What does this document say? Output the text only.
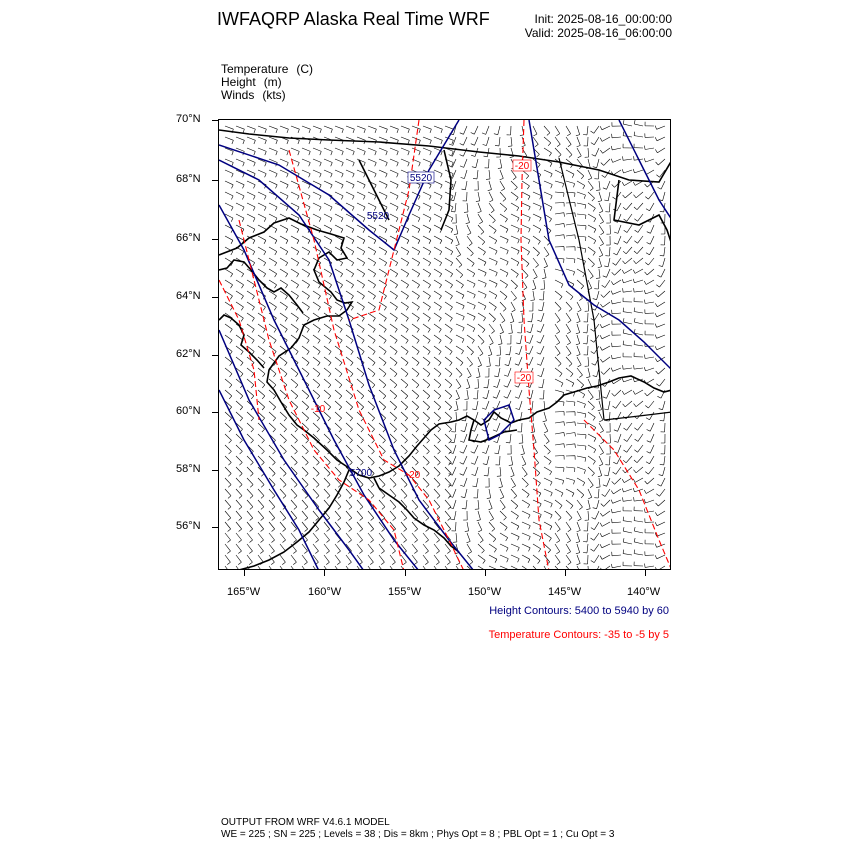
IWFAQRP Alaska Real Time WRF	Init: 2025-08-16_00:00:00
Valid: 2025-08-16_06:00:00
Temperature (C)
Height (m)
Winds (kts)
5520
5520
5700
-20
-20
-20
-10
70°N
68°N
66°N
64°N
62°N
60°N
58°N
56°N
165°W	160°W	155°W	150°W	145°W	140°W
Height Contours: 5400 to 5940 by 60
Temperature Contours: -35 to -5 by 5
OUTPUT FROM WRF V4.6.1 MODEL
WE = 225 ; SN = 225 ; Levels = 38 ; Dis = 8km ; Phys Opt = 8 ; PBL Opt = 1 ; Cu Opt = 3
